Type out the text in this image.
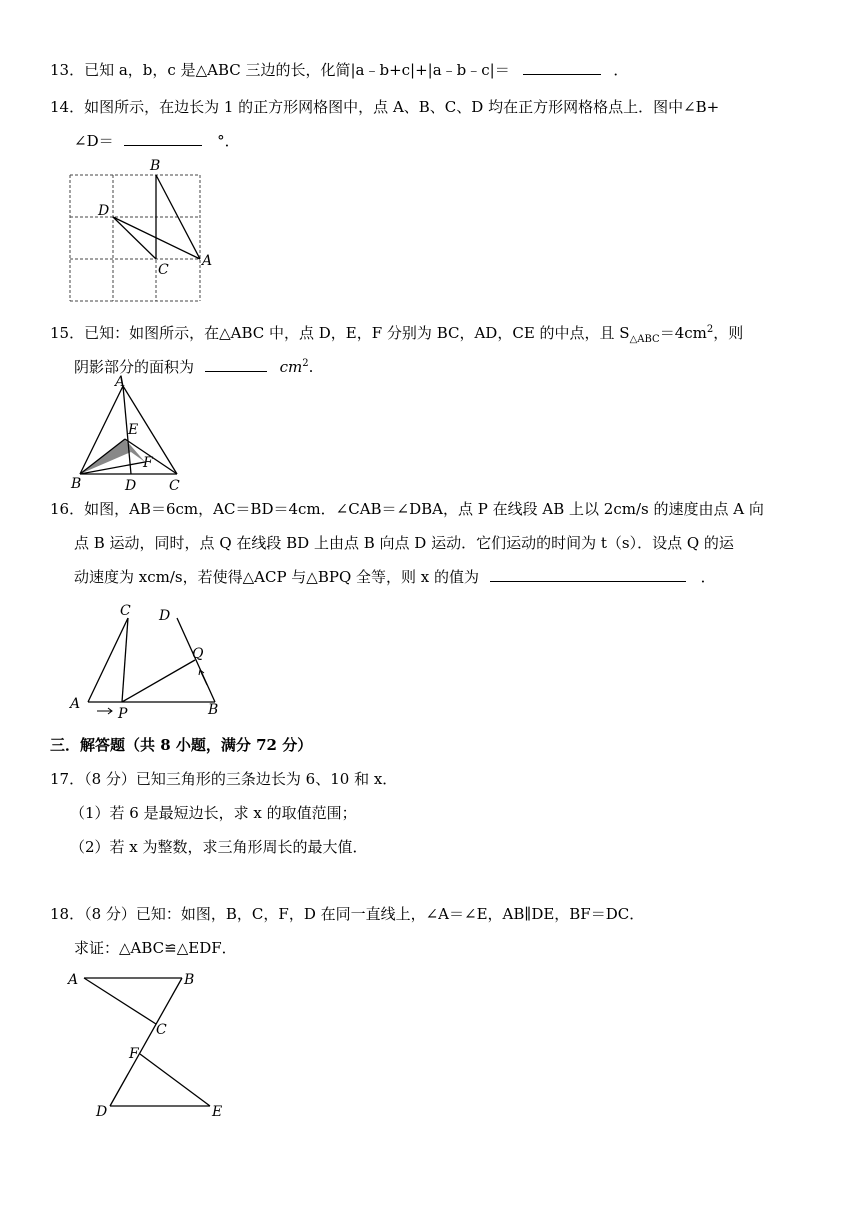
13．已知 a，b，c 是△ABC 三边的长，化简|a﹣b+c|+|a﹣b﹣c|＝	．
14．如图所示，在边长为 1 的正方形网格图中，点 A、B、C、D 均在正方形网格格点上．图中∠B+
∠D＝	°．
B
D
C
A
15．已知：如图所示，在△ABC 中，点 D，E，F 分别为 BC，AD，CE 的中点，且 $S_{\triangle ABC}=4cm^2$，则
阴影部分的面积为	$cm^2$.
A
E
F
B	D C
16．如图，AB＝6cm，AC＝BD＝4cm．∠CAB＝∠DBA，点 P 在线段 AB 上以 2cm/s 的速度由点 A 向
点 B 运动，同时，点 Q 在线段 BD 上由点 B 向点 D 运动．它们运动的时间为 t（s）．设点 Q 的运
动速度为 xcm/s，若使得△ACP 与△BPQ 全等，则 x 的值为	．
C D
Q
A
P	B
三．解答题（共 8 小题，满分 72 分）
17．（8 分）已知三角形的三条边长为 6、10 和 x．
（1）若 6 是最短边长，求 x 的取值范围；
（2）若 x 为整数，求三角形周长的最大值．
18．（8 分）已知：如图，B，C，F，D 在同一直线上，∠A＝∠E，AB∥DE，BF＝DC．
求证：△ABC≌△EDF．
A	B
C
F
D	E
